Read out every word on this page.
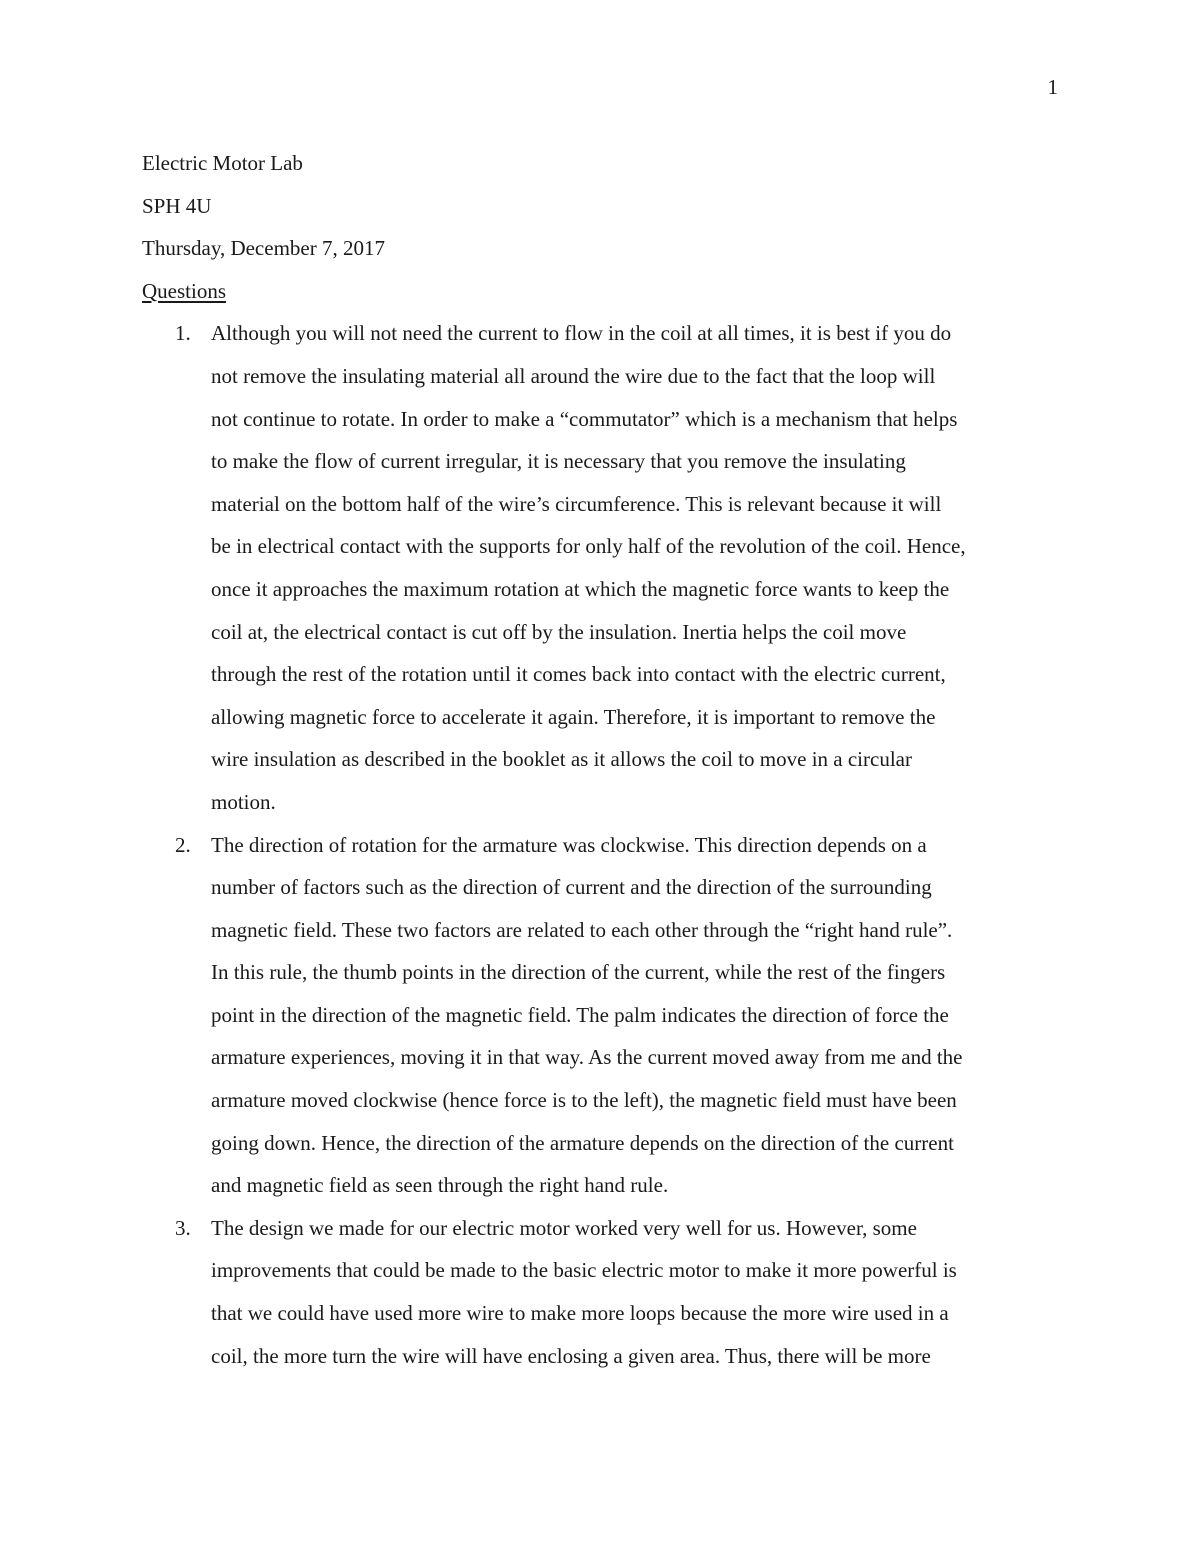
1
Electric Motor Lab
SPH 4U
Thursday, December 7, 2017
Questions
1. Although you will not need the current to flow in the coil at all times, it is best if you do
not remove the insulating material all around the wire due to the fact that the loop will
not continue to rotate. In order to make a “commutator” which is a mechanism that helps
to make the flow of current irregular, it is necessary that you remove the insulating
material on the bottom half of the wire’s circumference. This is relevant because it will
be in electrical contact with the supports for only half of the revolution of the coil. Hence,
once it approaches the maximum rotation at which the magnetic force wants to keep the
coil at, the electrical contact is cut off by the insulation. Inertia helps the coil move
through the rest of the rotation until it comes back into contact with the electric current,
allowing magnetic force to accelerate it again. Therefore, it is important to remove the
wire insulation as described in the booklet as it allows the coil to move in a circular
motion.
2. The direction of rotation for the armature was clockwise. This direction depends on a
number of factors such as the direction of current and the direction of the surrounding
magnetic field. These two factors are related to each other through the “right hand rule”.
In this rule, the thumb points in the direction of the current, while the rest of the fingers
point in the direction of the magnetic field. The palm indicates the direction of force the
armature experiences, moving it in that way. As the current moved away from me and the
armature moved clockwise (hence force is to the left), the magnetic field must have been
going down. Hence, the direction of the armature depends on the direction of the current
and magnetic field as seen through the right hand rule.
3. The design we made for our electric motor worked very well for us. However, some
improvements that could be made to the basic electric motor to make it more powerful is
that we could have used more wire to make more loops because the more wire used in a
coil, the more turn the wire will have enclosing a given area. Thus, there will be more
